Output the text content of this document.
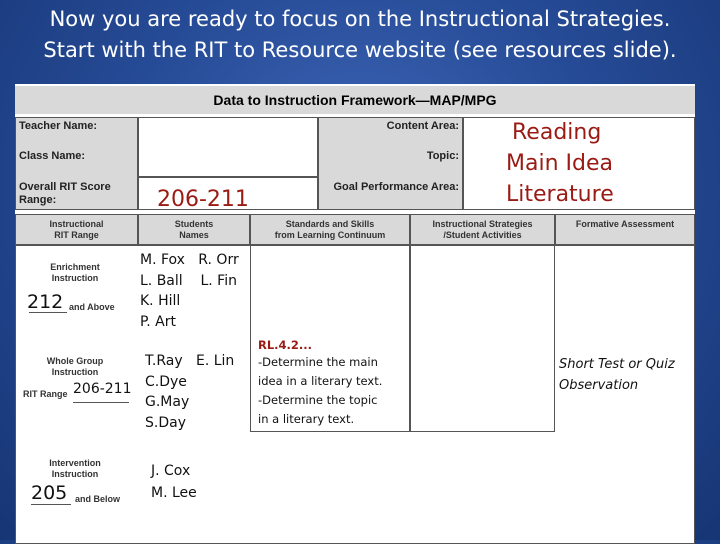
Now you are ready to focus on the Instructional Strategies.
Start with the RIT to Resource website (see resources slide).
Data to Instruction Framework—MAP/MPG
Teacher Name:
Class Name:
Overall RIT Score
Range:
Content Area:
Topic:
Goal Performance Area:
Reading
Main Idea
Literature
206-211
Instructional
RIT Range
Students
Names
Standards and Skills
from Learning Continuum
Instructional Strategies
/Student Activities
Formative Assessment
Enrichment
Instruction
212 and Above
M. Fox   R. Orr
L. Ball    L. Fin
K. Hill
P. Art
Whole Group
Instruction
RIT Range 206-211
T.Ray   E. Lin
C.Dye
G.May
S.Day
RL.4.2...
-Determine the main
idea in a literary text.
-Determine the topic
in a literary text.
Short Test or Quiz
Observation
Intervention
Instruction
205 and Below
J. Cox
M. Lee
